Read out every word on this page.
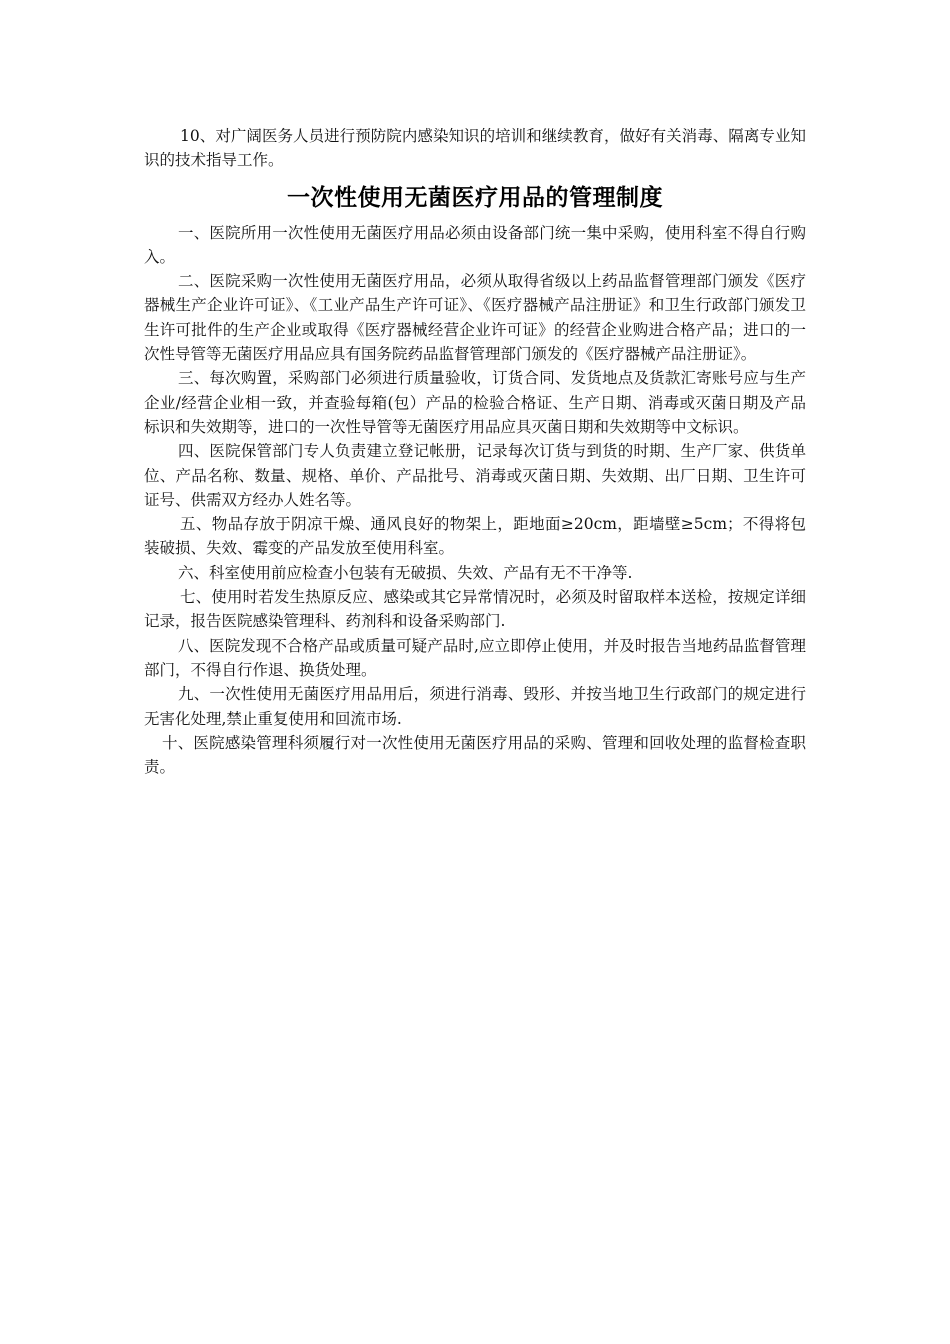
10、对广阔医务人员进行预防院内感染知识的培训和继续教育，做好有关消毒、隔离专业知识的技术指导工作。

一次性使用无菌医疗用品的管理制度

一、医院所用一次性使用无菌医疗用品必须由设备部门统一集中采购，使用科室不得自行购入。

二、医院采购一次性使用无菌医疗用品，必须从取得省级以上药品监督管理部门颁发《医疗器械生产企业许可证》、《工业产品生产许可证》、《医疗器械产品注册证》和卫生行政部门颁发卫生许可批件的生产企业或取得《医疗器械经营企业许可证》的经营企业购进合格产品；进口的一次性导管等无菌医疗用品应具有国务院药品监督管理部门颁发的《医疗器械产品注册证》。

三、每次购置，采购部门必须进行质量验收，订货合同、发货地点及货款汇寄账号应与生产企业/经营企业相一致，并查验每箱(包）产品的检验合格证、生产日期、消毒或灭菌日期及产品标识和失效期等，进口的一次性导管等无菌医疗用品应具灭菌日期和失效期等中文标识。

四、医院保管部门专人负责建立登记帐册，记录每次订货与到货的时期、生产厂家、供货单位、产品名称、数量、规格、单价、产品批号、消毒或灭菌日期、失效期、出厂日期、卫生许可证号、供需双方经办人姓名等。

五、物品存放于阴凉干燥、通风良好的物架上，距地面≥20cm，距墙壁≥5cm；不得将包装破损、失效、霉变的产品发放至使用科室。

六、科室使用前应检查小包装有无破损、失效、产品有无不干净等.

七、使用时若发生热原反应、感染或其它异常情况时，必须及时留取样本送检，按规定详细记录，报告医院感染管理科、药剂科和设备采购部门.

八、医院发现不合格产品或质量可疑产品时,应立即停止使用，并及时报告当地药品监督管理部门，不得自行作退、换货处理。

九、一次性使用无菌医疗用品用后，须进行消毒、毁形、并按当地卫生行政部门的规定进行无害化处理,禁止重复使用和回流市场.

十、医院感染管理科须履行对一次性使用无菌医疗用品的采购、管理和回收处理的监督检查职责。
